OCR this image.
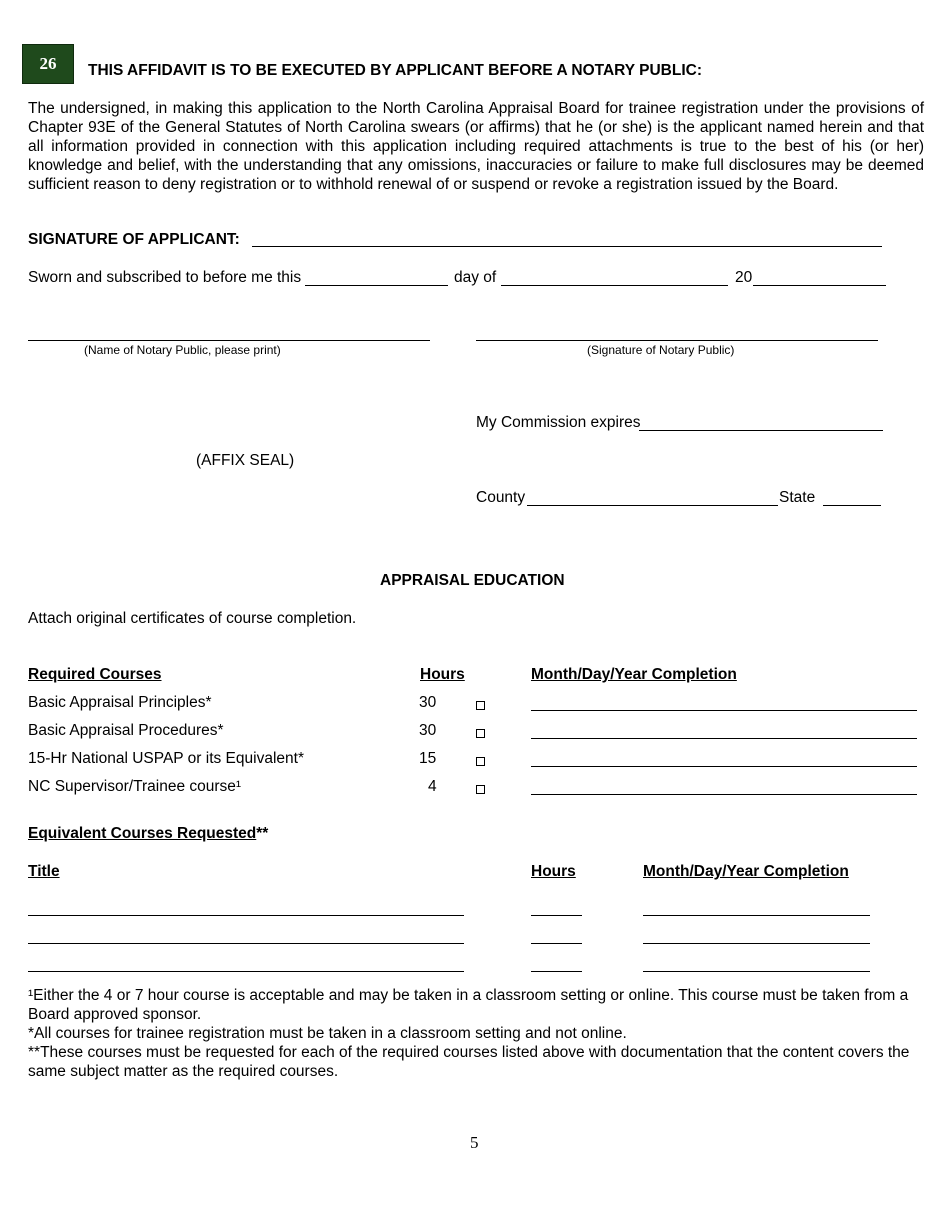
26	THIS AFFIDAVIT IS TO BE EXECUTED BY APPLICANT BEFORE A NOTARY PUBLIC:
The undersigned, in making this application to the North Carolina Appraisal Board for trainee registration under the provisions of Chapter 93E of the General Statutes of North Carolina swears (or affirms) that he (or she) is the applicant named herein and that all information provided in connection with this application including required attachments is true to the best of his (or her) knowledge and belief, with the understanding that any omissions, inaccuracies or failure to make full disclosures may be deemed sufficient reason to deny registration or to withhold renewal of or suspend or revoke a registration issued by the Board.
SIGNATURE OF APPLICANT:
Sworn and subscribed to before me this	day of	20
(Name of Notary Public, please print)	(Signature of Notary Public)
My Commission expires
(AFFIX SEAL)
County	State
APPRAISAL EDUCATION
Attach original certificates of course completion.
Required Courses	Hours	Month/Day/Year Completion
Basic Appraisal Principles*	30
Basic Appraisal Procedures*	30
15-Hr National USPAP or its Equivalent*	15
NC Supervisor/Trainee course¹	4
Equivalent Courses Requested**
Title	Hours	Month/Day/Year Completion
¹Either the 4 or 7 hour course is acceptable and may be taken in a classroom setting or online. This course must be taken from a Board approved sponsor.
*All courses for trainee registration must be taken in a classroom setting and not online.
**These courses must be requested for each of the required courses listed above with documentation that the content covers the same subject matter as the required courses.
5
